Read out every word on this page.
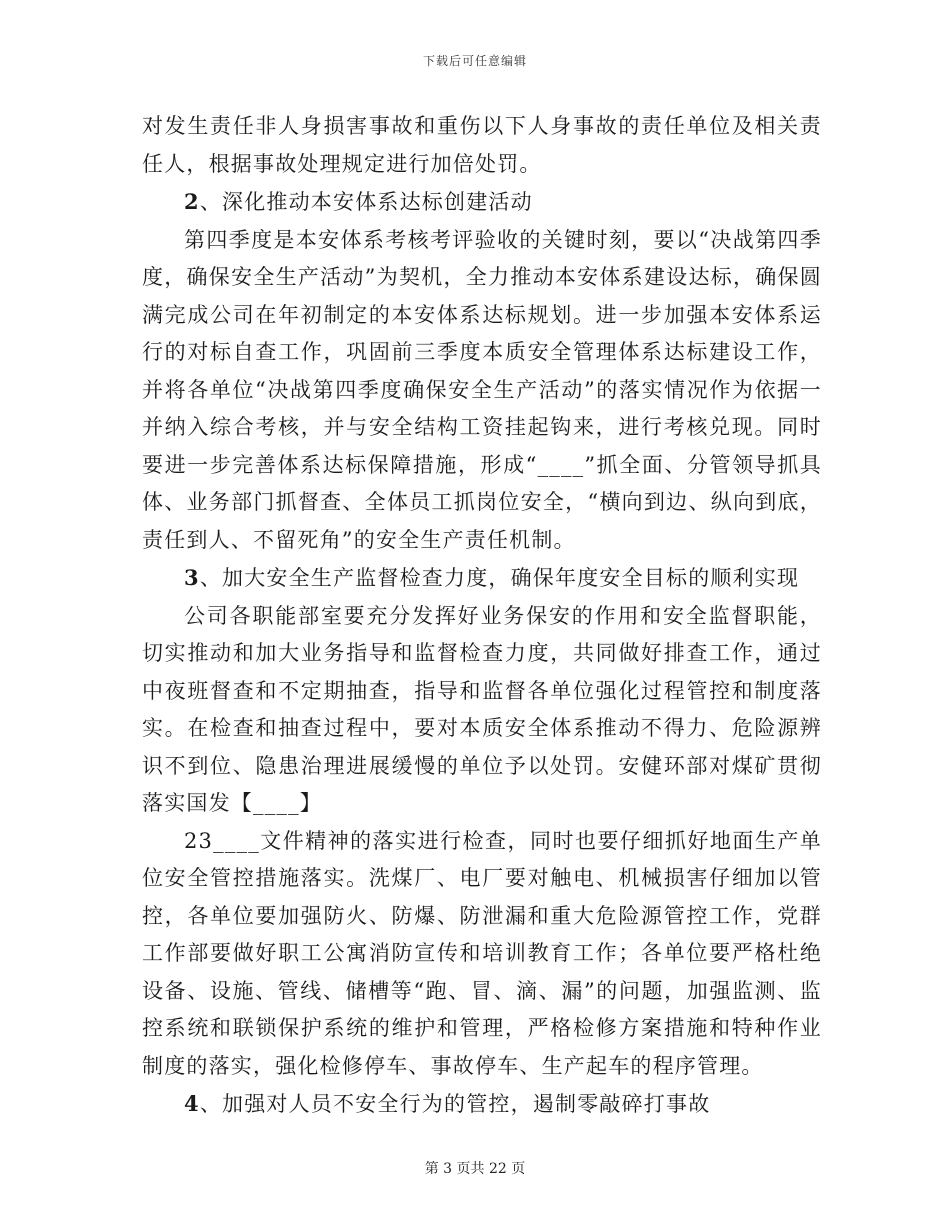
下载后可任意编辑

对发生责任非人身损害事故和重伤以下人身事故的责任单位及相关责任人，根据事故处理规定进行加倍处罚。

2、深化推动本安体系达标创建活动

第四季度是本安体系考核考评验收的关键时刻，要以“决战第四季度，确保安全生产活动”为契机，全力推动本安体系建设达标，确保圆满完成公司在年初制定的本安体系达标规划。进一步加强本安体系运行的对标自查工作，巩固前三季度本质安全管理体系达标建设工作，并将各单位“决战第四季度确保安全生产活动”的落实情况作为依据一并纳入综合考核，并与安全结构工资挂起钩来，进行考核兑现。同时要进一步完善体系达标保障措施，形成“____”抓全面、分管领导抓具体、业务部门抓督查、全体员工抓岗位安全，“横向到边、纵向到底，责任到人、不留死角”的安全生产责任机制。

3、加大安全生产监督检查力度，确保年度安全目标的顺利实现

公司各职能部室要充分发挥好业务保安的作用和安全监督职能，切实推动和加大业务指导和监督检查力度，共同做好排查工作，通过中夜班督查和不定期抽查，指导和监督各单位强化过程管控和制度落实。在检查和抽查过程中，要对本质安全体系推动不得力、危险源辨识不到位、隐患治理进展缓慢的单位予以处罚。安健环部对煤矿贯彻落实国发【____】

23____文件精神的落实进行检查，同时也要仔细抓好地面生产单位安全管控措施落实。洗煤厂、电厂要对触电、机械损害仔细加以管控，各单位要加强防火、防爆、防泄漏和重大危险源管控工作，党群工作部要做好职工公寓消防宣传和培训教育工作；各单位要严格杜绝设备、设施、管线、储槽等“跑、冒、滴、漏”的问题，加强监测、监控系统和联锁保护系统的维护和管理，严格检修方案措施和特种作业制度的落实，强化检修停车、事故停车、生产起车的程序管理。

4、加强对人员不安全行为的管控，遏制零敲碎打事故

第 3 页共 22 页
